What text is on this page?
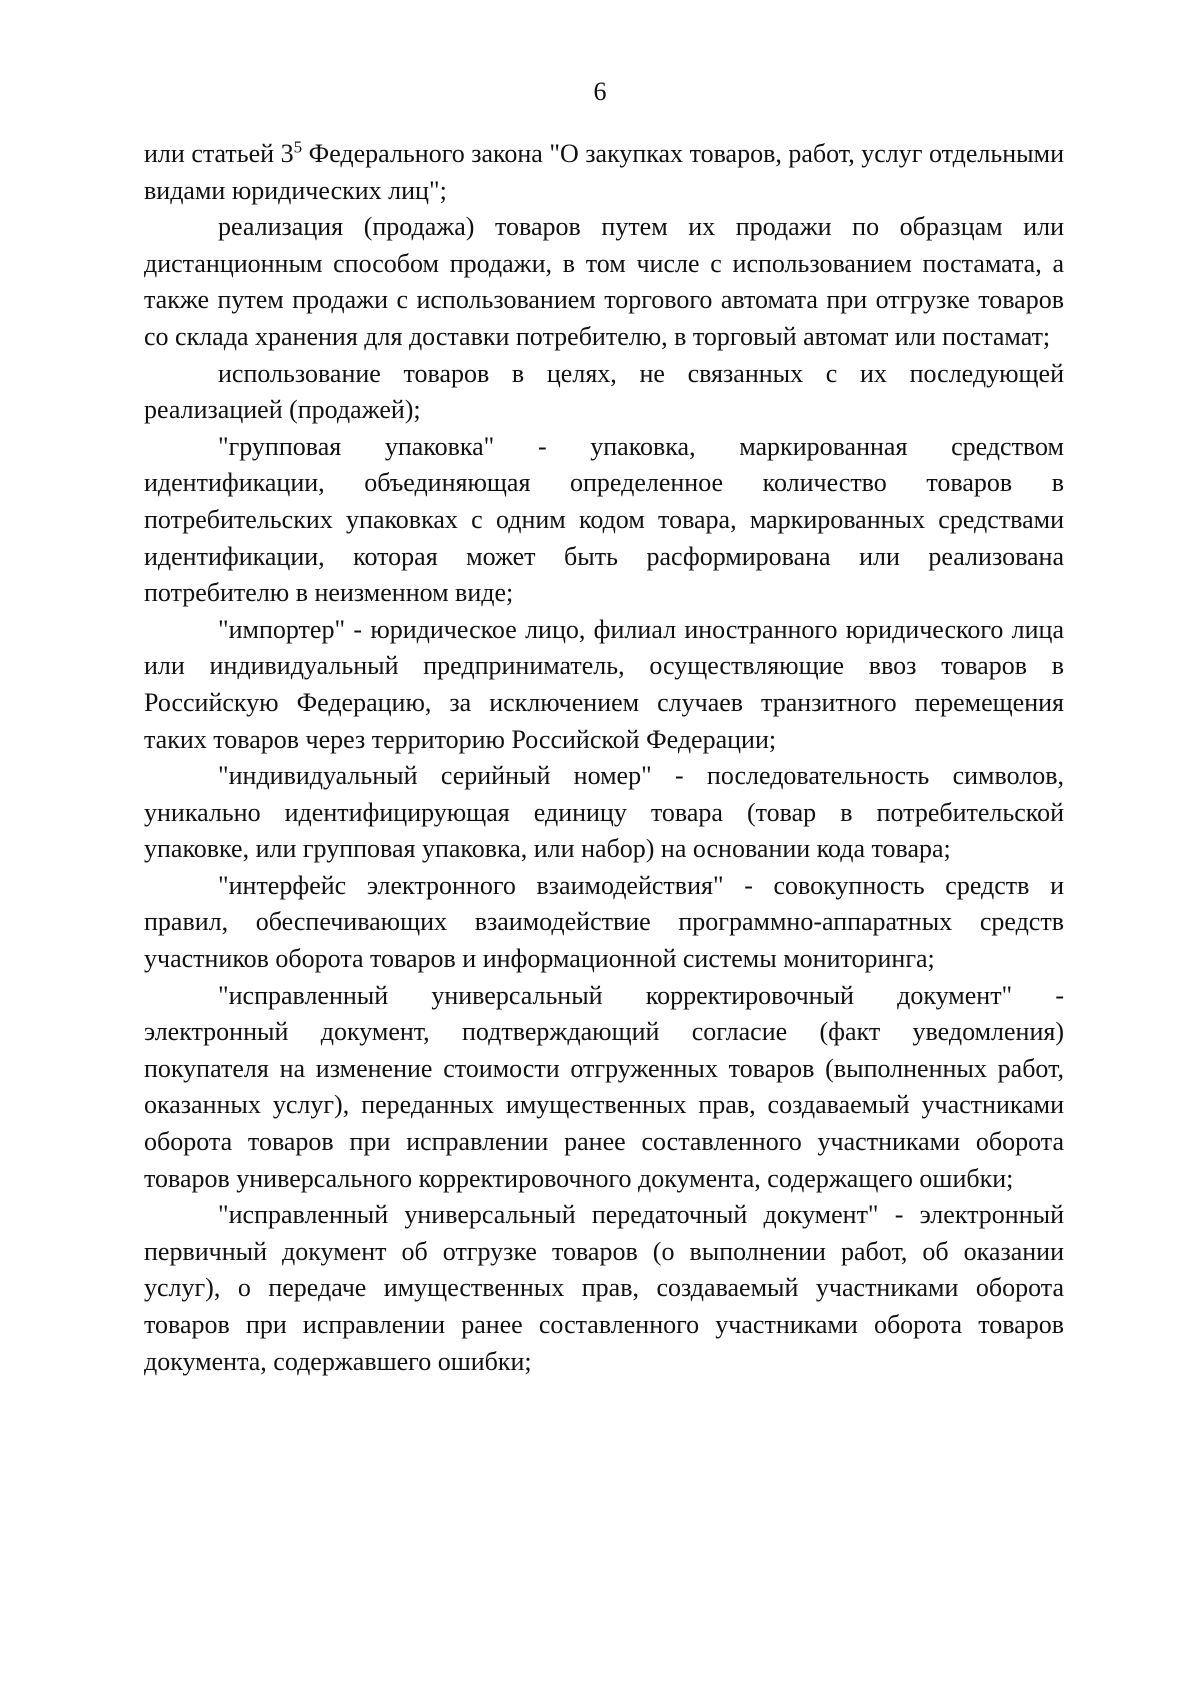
6

или статьей $3^5$ Федерального закона "О закупках товаров, работ, услуг отдельными видами юридических лиц";

реализация (продажа) товаров путем их продажи по образцам или дистанционным способом продажи, в том числе с использованием постамата, а также путем продажи с использованием торгового автомата при отгрузке товаров со склада хранения для доставки потребителю, в торговый автомат или постамат;

использование товаров в целях, не связанных с их последующей реализацией (продажей);

"групповая упаковка" - упаковка, маркированная средством идентификации, объединяющая определенное количество товаров в потребительских упаковках с одним кодом товара, маркированных средствами идентификации, которая может быть расформирована или реализована потребителю в неизменном виде;

"импортер" - юридическое лицо, филиал иностранного юридического лица или индивидуальный предприниматель, осуществляющие ввоз товаров в Российскую Федерацию, за исключением случаев транзитного перемещения таких товаров через территорию Российской Федерации;

"индивидуальный серийный номер" - последовательность символов, уникально идентифицирующая единицу товара (товар в потребительской упаковке, или групповая упаковка, или набор) на основании кода товара;

"интерфейс электронного взаимодействия" - совокупность средств и правил, обеспечивающих взаимодействие программно-аппаратных средств участников оборота товаров и информационной системы мониторинга;

"исправленный универсальный корректировочный документ" - электронный документ, подтверждающий согласие (факт уведомления) покупателя на изменение стоимости отгруженных товаров (выполненных работ, оказанных услуг), переданных имущественных прав, создаваемый участниками оборота товаров при исправлении ранее составленного участниками оборота товаров универсального корректировочного документа, содержащего ошибки;

"исправленный универсальный передаточный документ" - электронный первичный документ об отгрузке товаров (о выполнении работ, об оказании услуг), о передаче имущественных прав, создаваемый участниками оборота товаров при исправлении ранее составленного участниками оборота товаров документа, содержавшего ошибки;
